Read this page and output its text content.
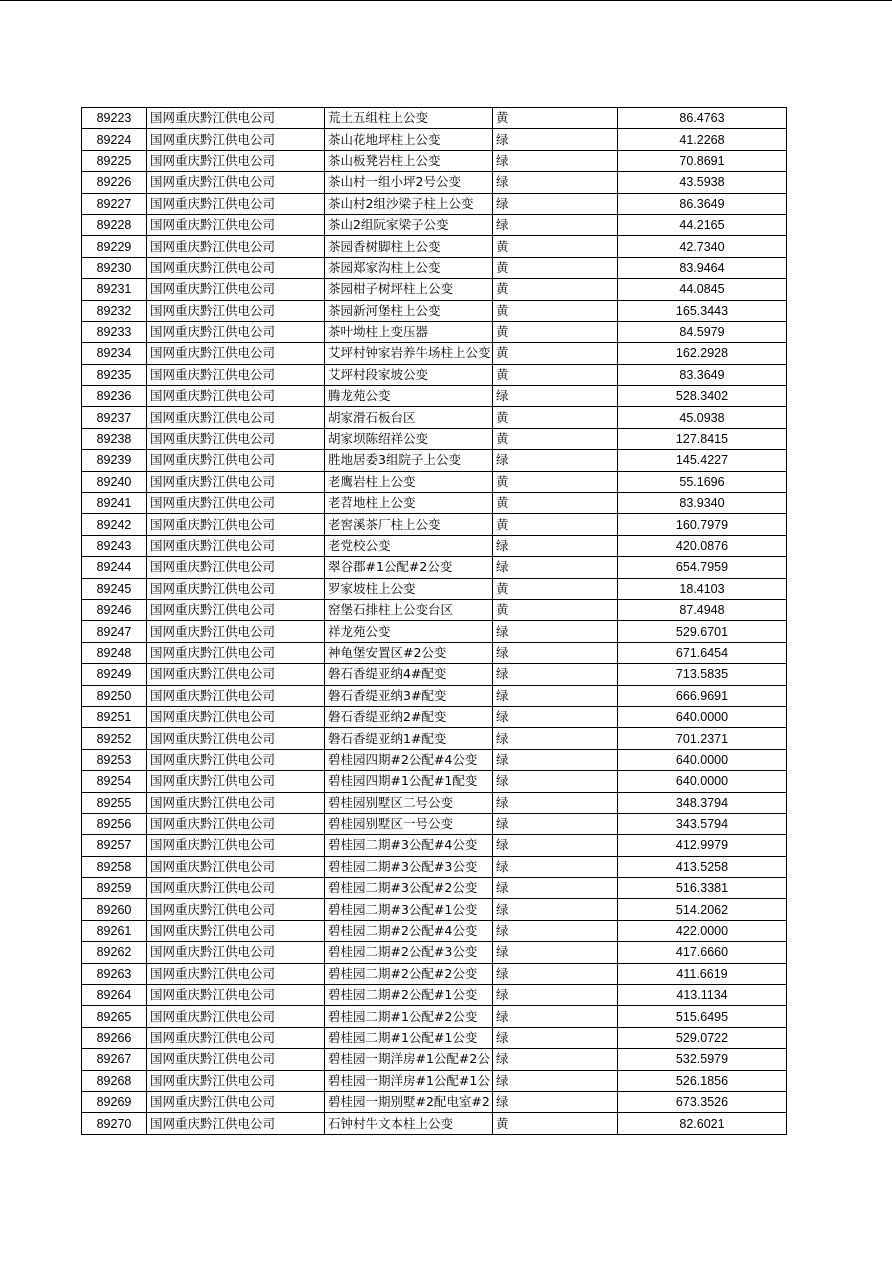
89223	国网重庆黔江供电公司	荒土五组柱上公变	黄	86.4763
89224	国网重庆黔江供电公司	茶山花地坪柱上公变	绿	41.2268
89225	国网重庆黔江供电公司	茶山板凳岩柱上公变	绿	70.8691
89226	国网重庆黔江供电公司	茶山村一组小坪2号公变	绿	43.5938
89227	国网重庆黔江供电公司	茶山村2组沙梁子柱上公变	绿	86.3649
89228	国网重庆黔江供电公司	茶山2组阮家梁子公变	绿	44.2165
89229	国网重庆黔江供电公司	茶园香树脚柱上公变	黄	42.7340
89230	国网重庆黔江供电公司	茶园郑家沟柱上公变	黄	83.9464
89231	国网重庆黔江供电公司	茶园柑子树坪柱上公变	黄	44.0845
89232	国网重庆黔江供电公司	茶园新河堡柱上公变	黄	165.3443
89233	国网重庆黔江供电公司	茶叶坳柱上变压器	黄	84.5979
89234	国网重庆黔江供电公司	艾坪村钟家岩养牛场柱上公变	黄	162.2928
89235	国网重庆黔江供电公司	艾坪村段家坡公变	黄	83.3649
89236	国网重庆黔江供电公司	腾龙苑公变	绿	528.3402
89237	国网重庆黔江供电公司	胡家滑石板台区	黄	45.0938
89238	国网重庆黔江供电公司	胡家坝陈绍祥公变	黄	127.8415
89239	国网重庆黔江供电公司	胜地居委3组院子上公变	绿	145.4227
89240	国网重庆黔江供电公司	老鹰岩柱上公变	黄	55.1696
89241	国网重庆黔江供电公司	老苕地柱上公变	黄	83.9340
89242	国网重庆黔江供电公司	老窖溪茶厂柱上公变	黄	160.7979
89243	国网重庆黔江供电公司	老党校公变	绿	420.0876
89244	国网重庆黔江供电公司	翠谷郡#1公配#2公变	绿	654.7959
89245	国网重庆黔江供电公司	罗家坡柱上公变	黄	18.4103
89246	国网重庆黔江供电公司	窑堡石排柱上公变台区	黄	87.4948
89247	国网重庆黔江供电公司	祥龙苑公变	绿	529.6701
89248	国网重庆黔江供电公司	神龟堡安置区#2公变	绿	671.6454
89249	国网重庆黔江供电公司	磐石香缇亚纳4#配变	绿	713.5835
89250	国网重庆黔江供电公司	磐石香缇亚纳3#配变	绿	666.9691
89251	国网重庆黔江供电公司	磐石香缇亚纳2#配变	绿	640.0000
89252	国网重庆黔江供电公司	磐石香缇亚纳1#配变	绿	701.2371
89253	国网重庆黔江供电公司	碧桂园四期#2公配#4公变	绿	640.0000
89254	国网重庆黔江供电公司	碧桂园四期#1公配#1配变	绿	640.0000
89255	国网重庆黔江供电公司	碧桂园别墅区二号公变	绿	348.3794
89256	国网重庆黔江供电公司	碧桂园别墅区一号公变	绿	343.5794
89257	国网重庆黔江供电公司	碧桂园二期#3公配#4公变	绿	412.9979
89258	国网重庆黔江供电公司	碧桂园二期#3公配#3公变	绿	413.5258
89259	国网重庆黔江供电公司	碧桂园二期#3公配#2公变	绿	516.3381
89260	国网重庆黔江供电公司	碧桂园二期#3公配#1公变	绿	514.2062
89261	国网重庆黔江供电公司	碧桂园二期#2公配#4公变	绿	422.0000
89262	国网重庆黔江供电公司	碧桂园二期#2公配#3公变	绿	417.6660
89263	国网重庆黔江供电公司	碧桂园二期#2公配#2公变	绿	411.6619
89264	国网重庆黔江供电公司	碧桂园二期#2公配#1公变	绿	413.1134
89265	国网重庆黔江供电公司	碧桂园二期#1公配#2公变	绿	515.6495
89266	国网重庆黔江供电公司	碧桂园二期#1公配#1公变	绿	529.0722
89267	国网重庆黔江供电公司	碧桂园一期洋房#1公配#2公	绿	532.5979
89268	国网重庆黔江供电公司	碧桂园一期洋房#1公配#1公	绿	526.1856
89269	国网重庆黔江供电公司	碧桂园一期别墅#2配电室#2	绿	673.3526
89270	国网重庆黔江供电公司	石钟村牛文本柱上公变	黄	82.6021
